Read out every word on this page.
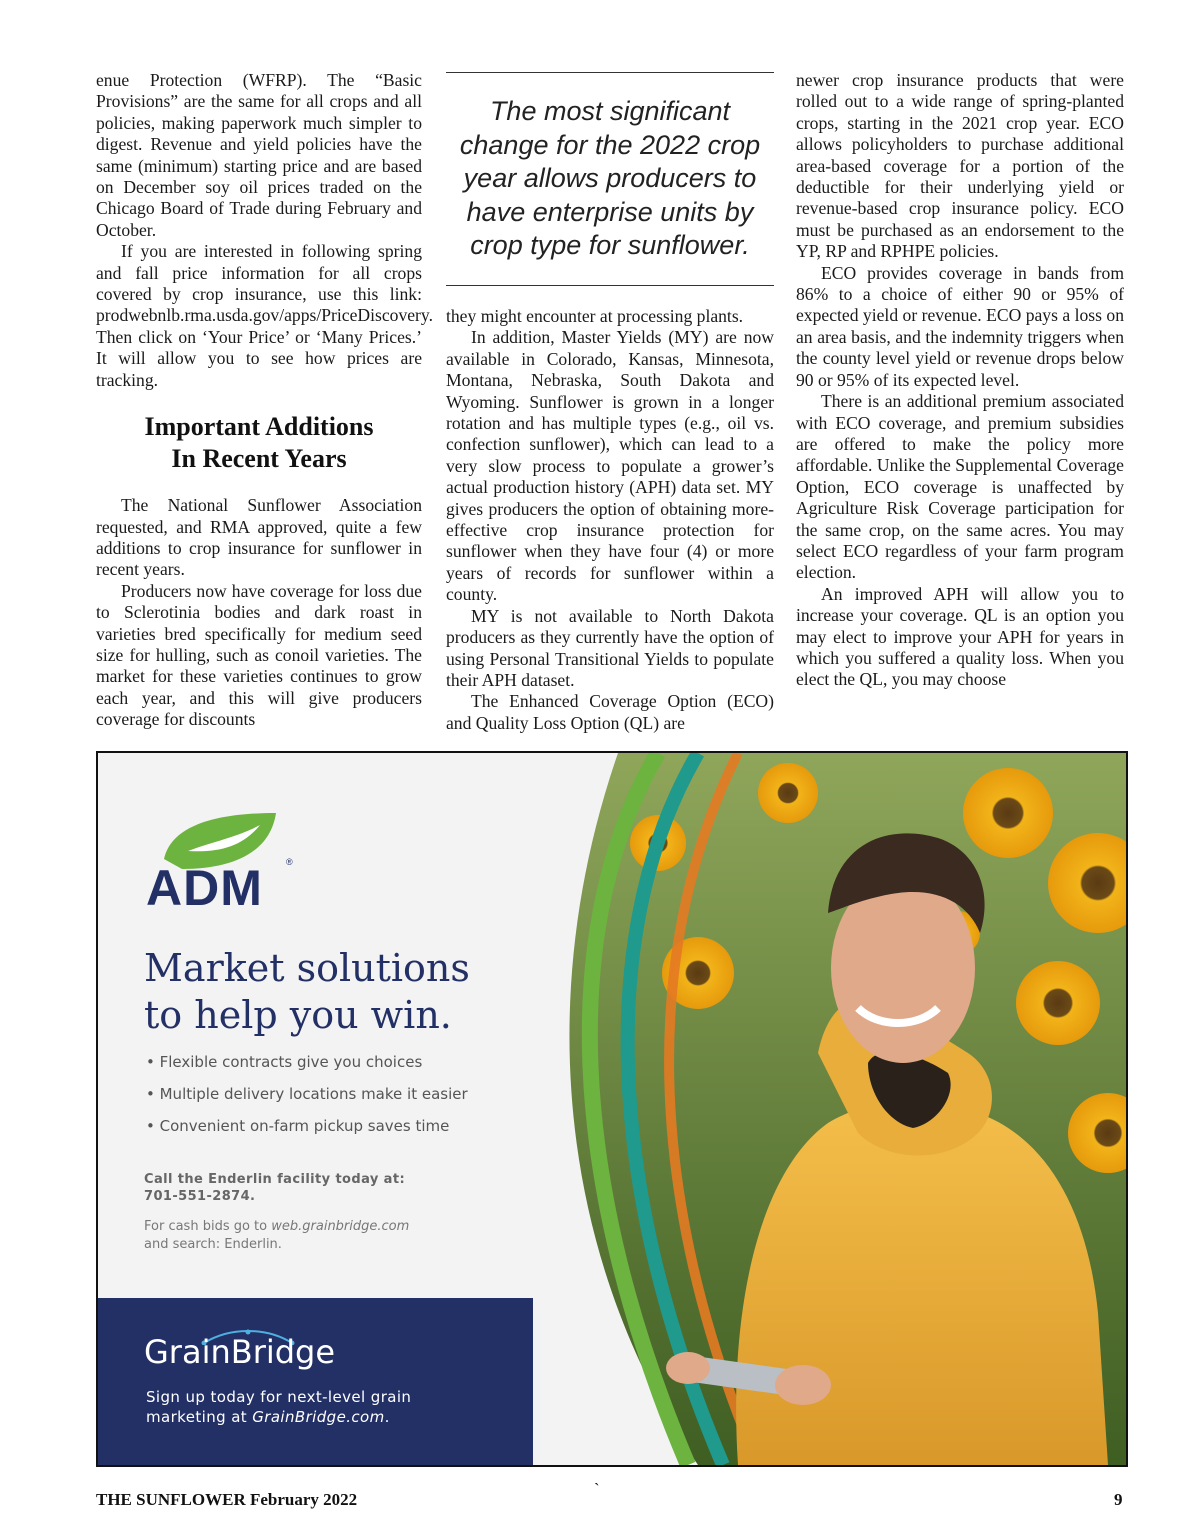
enue Protection (WFRP). The “Basic Provisions” are the same for all crops and all policies, making paperwork much simpler to digest. Revenue and yield policies have the same (minimum) starting price and are based on December soy oil prices traded on the Chicago Board of Trade during February and October.

If you are interested in following spring and fall price information for all crops covered by crop insurance, use this link: prodwebnlb.rma.usda.gov/apps/PriceDiscovery. Then click on ‘Your Price’ or ‘Many Prices.’ It will allow you to see how prices are tracking.

Important Additions
In Recent Years

The National Sunflower Association requested, and RMA approved, quite a few additions to crop insurance for sunflower in recent years.

Producers now have coverage for loss due to Sclerotinia bodies and dark roast in varieties bred specifically for medium seed size for hulling, such as conoil varieties. The market for these varieties continues to grow each year, and this will give producers coverage for discounts

The most significant change for the 2022 crop year allows producers to have enterprise units by crop type for sunflower.

they might encounter at processing plants.

In addition, Master Yields (MY) are now available in Colorado, Kansas, Minnesota, Montana, Nebraska, South Dakota and Wyoming. Sunflower is grown in a longer rotation and has multiple types (e.g., oil vs. confection sunflower), which can lead to a very slow process to populate a grower’s actual production history (APH) data set. MY gives producers the option of obtaining more-effective crop insurance protection for sunflower when they have four (4) or more years of records for sunflower within a county.

MY is not available to North Dakota producers as they currently have the option of using Personal Transitional Yields to populate their APH dataset.

The Enhanced Coverage Option (ECO) and Quality Loss Option (QL) are

newer crop insurance products that were rolled out to a wide range of spring-planted crops, starting in the 2021 crop year. ECO allows policyholders to purchase additional area-based coverage for a portion of the deductible for their underlying yield or revenue-based crop insurance policy. ECO must be purchased as an endorsement to the YP, RP and RPHPE policies.

ECO provides coverage in bands from 86% to a choice of either 90 or 95% of expected yield or revenue. ECO pays a loss on an area basis, and the indemnity triggers when the county level yield or revenue drops below 90 or 95% of its expected level.

There is an additional premium associated with ECO coverage, and premium subsidies are offered to make the policy more affordable. Unlike the Supplemental Coverage Option, ECO coverage is unaffected by Agriculture Risk Coverage participation for the same crop, on the same acres. You may select ECO regardless of your farm program election.

An improved APH will allow you to increase your coverage. QL is an option you may elect to improve your APH for years in which you suffered a quality loss. When you elect the QL, you may choose

ADM	®
Market solutions
to help you win.
• Flexible contracts give you choices
• Multiple delivery locations make it easier
• Convenient on-farm pickup saves time
Call the Enderlin facility today at:
701-551-2874.
For cash bids go to web.grainbridge.com
and search: Enderlin.
GrainBridge
Sign up today for next-level grain
marketing at GrainBridge.com.
THE SUNFLOWER February 2022
`
9
